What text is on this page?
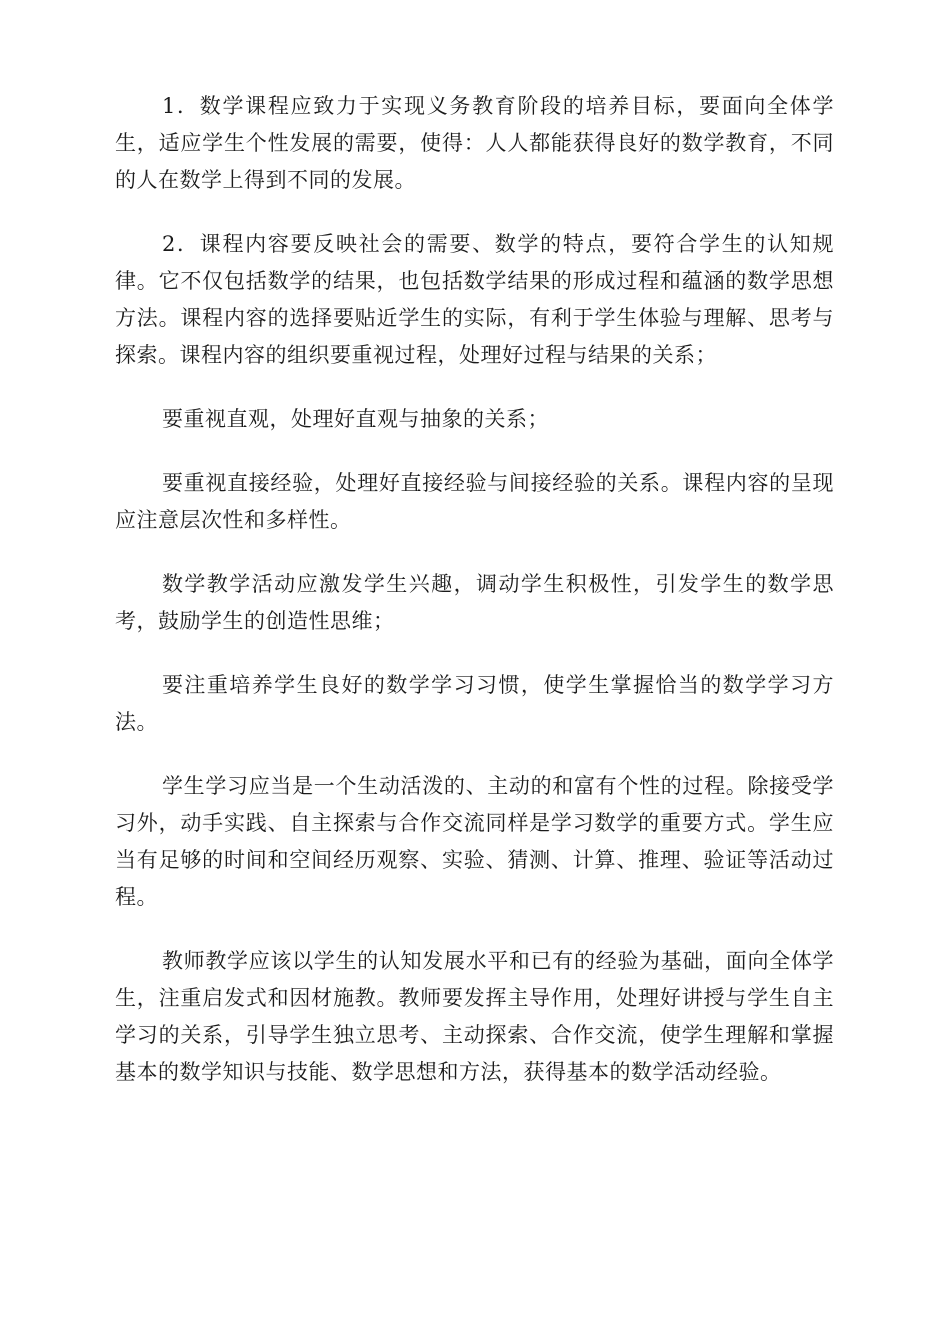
1．数学课程应致力于实现义务教育阶段的培养目标，要面向全体学生，适应学生个性发展的需要，使得：人人都能获得良好的数学教育，不同的人在数学上得到不同的发展。

2．课程内容要反映社会的需要、数学的特点，要符合学生的认知规律。它不仅包括数学的结果，也包括数学结果的形成过程和蕴涵的数学思想方法。课程内容的选择要贴近学生的实际，有利于学生体验与理解、思考与探索。课程内容的组织要重视过程，处理好过程与结果的关系；

要重视直观，处理好直观与抽象的关系；

要重视直接经验，处理好直接经验与间接经验的关系。课程内容的呈现应注意层次性和多样性。

数学教学活动应激发学生兴趣，调动学生积极性，引发学生的数学思考，鼓励学生的创造性思维；

要注重培养学生良好的数学学习习惯，使学生掌握恰当的数学学习方法。

学生学习应当是一个生动活泼的、主动的和富有个性的过程。除接受学习外，动手实践、自主探索与合作交流同样是学习数学的重要方式。学生应当有足够的时间和空间经历观察、实验、猜测、计算、推理、验证等活动过程。

教师教学应该以学生的认知发展水平和已有的经验为基础，面向全体学生，注重启发式和因材施教。教师要发挥主导作用，处理好讲授与学生自主学习的关系，引导学生独立思考、主动探索、合作交流，使学生理解和掌握基本的数学知识与技能、数学思想和方法，获得基本的数学活动经验。
